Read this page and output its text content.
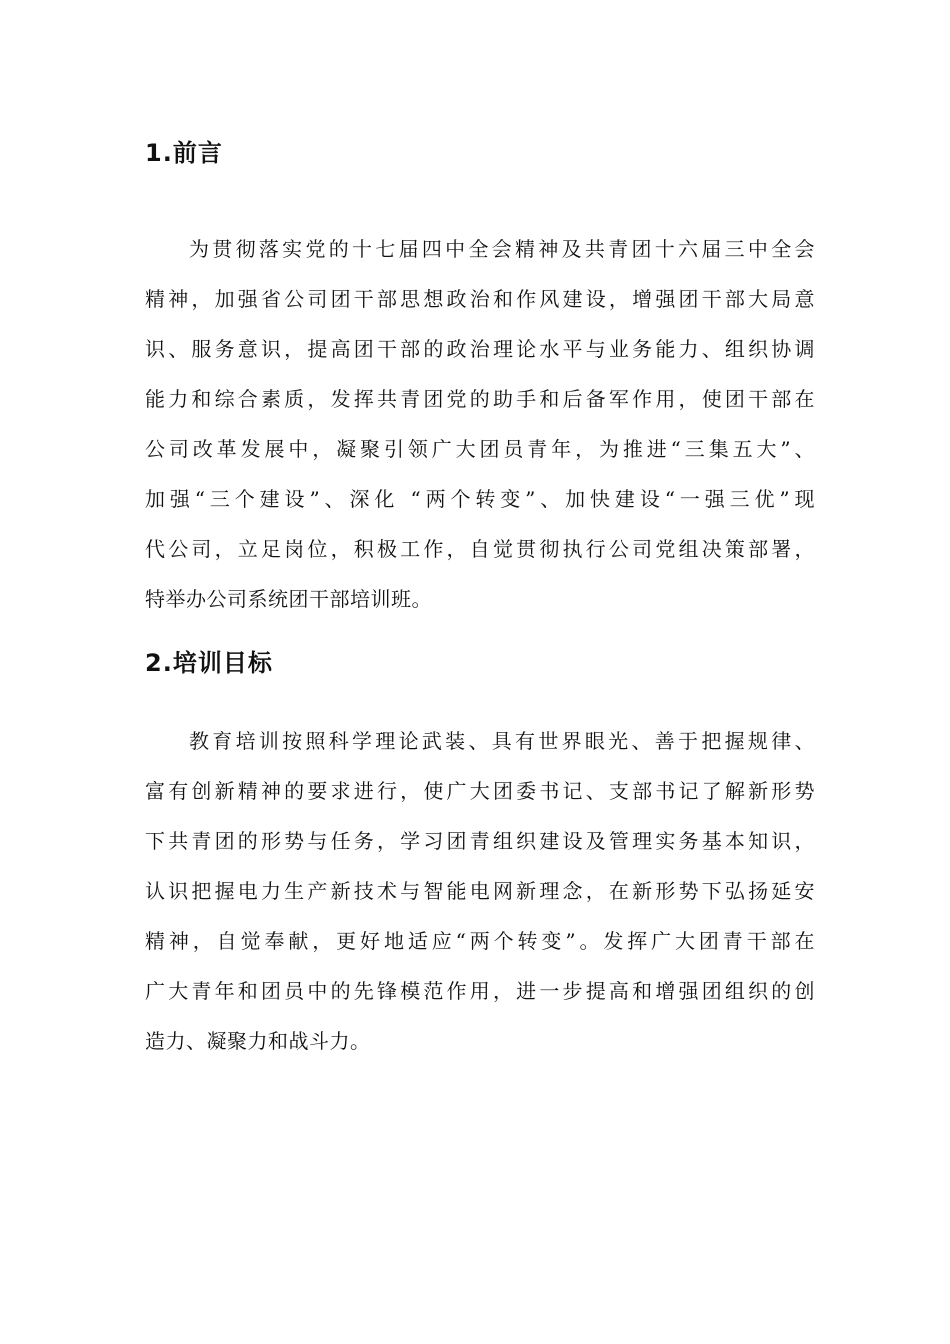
1.前言
为贯彻落实党的十七届四中全会精神及共青团十六届三中全会
精神，加强省公司团干部思想政治和作风建设，增强团干部大局意
识、服务意识，提高团干部的政治理论水平与业务能力、组织协调
能力和综合素质，发挥共青团党的助手和后备军作用，使团干部在
公司改革发展中，凝聚引领广大团员青年，为推进“三集五大”、
加强“三个建设”、深化 “两个转变”、加快建设“一强三优”现
代公司，立足岗位，积极工作，自觉贯彻执行公司党组决策部署，
特举办公司系统团干部培训班。
2.培训目标
教育培训按照科学理论武装、具有世界眼光、善于把握规律、
富有创新精神的要求进行，使广大团委书记、支部书记了解新形势
下共青团的形势与任务，学习团青组织建设及管理实务基本知识，
认识把握电力生产新技术与智能电网新理念，在新形势下弘扬延安
精神，自觉奉献，更好地适应“两个转变”。发挥广大团青干部在
广大青年和团员中的先锋模范作用，进一步提高和增强团组织的创
造力、凝聚力和战斗力。
